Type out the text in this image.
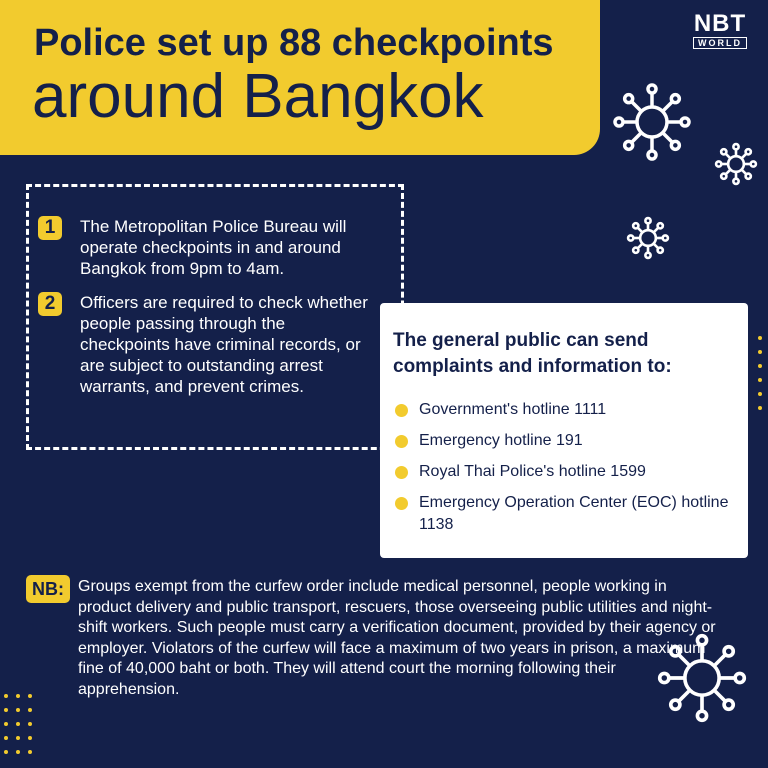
Police set up 88 checkpoints
around Bangkok
NBT
WORLD
1	The Metropolitan Police Bureau will operate checkpoints in and around Bangkok from 9pm to 4am.
2	Officers are required to check whether people passing through the checkpoints have criminal records, or are subject to outstanding arrest warrants, and prevent crimes.
The general public can send complaints and information to:
Government's hotline 1111
Emergency hotline 191
Royal Thai Police's hotline 1599
Emergency Operation Center (EOC) hotline 1138
NB: Groups exempt from the curfew order include medical personnel, people working in product delivery and public transport, rescuers, those overseeing public utilities and night-shift workers. Such people must carry a verification document, provided by their agency or employer. Violators of the curfew will face a maximum of two years in prison, a maximum fine of 40,000 baht or both. They will attend court the morning following their apprehension.
